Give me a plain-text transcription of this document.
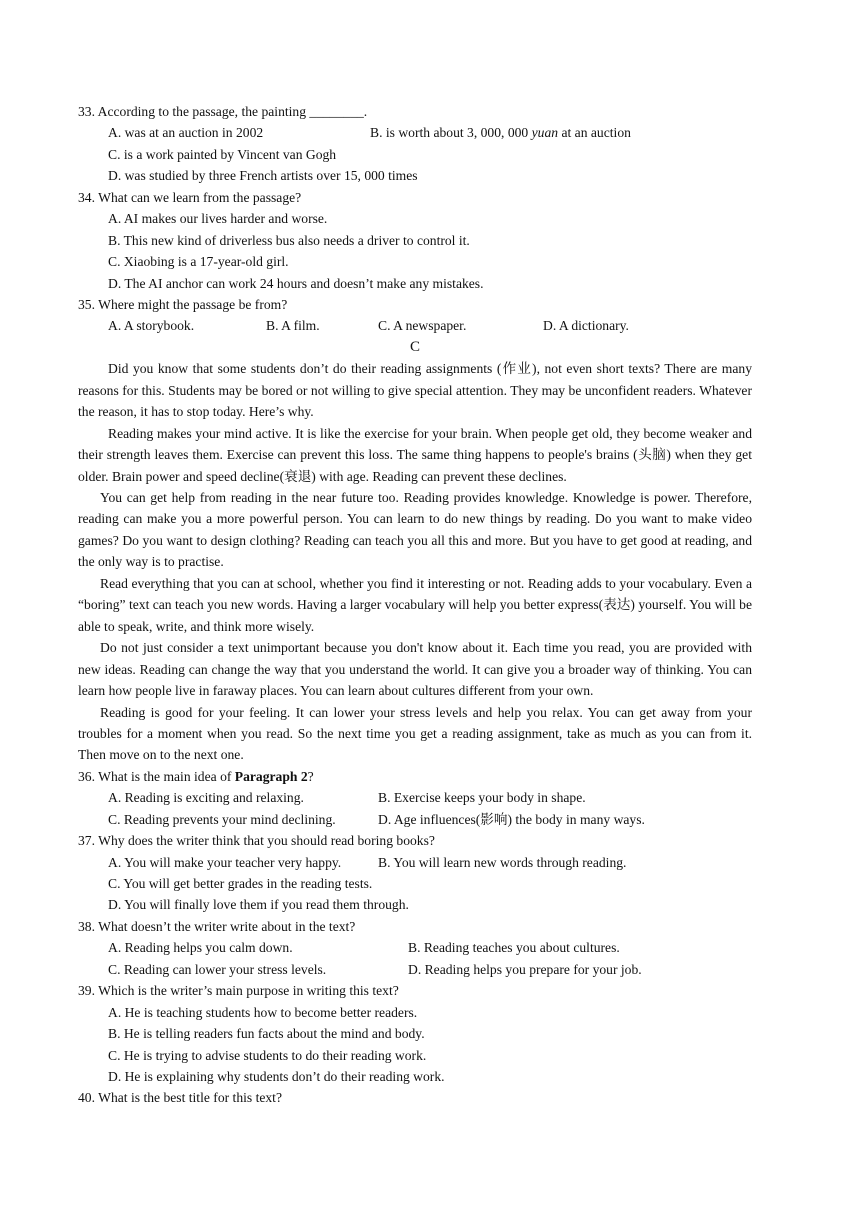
33. According to the passage, the painting ________.
A. was at an auction in 2002	B. is worth about 3, 000, 000 yuan at an auction
C. is a work painted by Vincent van Gogh
D. was studied by three French artists over 15, 000 times
34. What can we learn from the passage?
A. AI makes our lives harder and worse.
B. This new kind of driverless bus also needs a driver to control it.
C. Xiaobing is a 17-year-old girl.
D. The AI anchor can work 24 hours and doesn’t make any mistakes.
35. Where might the passage be from?
A. A storybook.	B. A film.	C. A newspaper.	D. A dictionary.
C

Did you know that some students don’t do their reading assignments (作业), not even short texts? There are many reasons for this. Students may be bored or not willing to give special attention. They may be unconfident readers. Whatever the reason, it has to stop today. Here’s why.

Reading makes your mind active. It is like the exercise for your brain. When people get old, they become weaker and their strength leaves them. Exercise can prevent this loss. The same thing happens to people's brains (头脑) when they get older. Brain power and speed decline(衰退) with age. Reading can prevent these declines.

You can get help from reading in the near future too. Reading provides knowledge. Knowledge is power. Therefore, reading can make you a more powerful person. You can learn to do new things by reading. Do you want to make video games? Do you want to design clothing? Reading can teach you all this and more. But you have to get good at reading, and the only way is to practise.

Read everything that you can at school, whether you find it interesting or not. Reading adds to your vocabulary. Even a “boring” text can teach you new words. Having a larger vocabulary will help you better express(表达) yourself. You will be able to speak, write, and think more wisely.

Do not just consider a text unimportant because you don't know about it. Each time you read, you are provided with new ideas. Reading can change the way that you understand the world. It can give you a broader way of thinking. You can learn how people live in faraway places. You can learn about cultures different from your own.

Reading is good for your feeling. It can lower your stress levels and help you relax. You can get away from your troubles for a moment when you read. So the next time you get a reading assignment, take as much as you can from it. Then move on to the next one.

36. What is the main idea of Paragraph 2?
A. Reading is exciting and relaxing.	B. Exercise keeps your body in shape.
C. Reading prevents your mind declining.	D. Age influences(影响) the body in many ways.
37. Why does the writer think that you should read boring books?
A. You will make your teacher very happy.	B. You will learn new words through reading.
C. You will get better grades in the reading tests.
D. You will finally love them if you read them through.
38. What doesn’t the writer write about in the text?
A. Reading helps you calm down.	B. Reading teaches you about cultures.
C. Reading can lower your stress levels.	D. Reading helps you prepare for your job.
39. Which is the writer’s main purpose in writing this text?
A. He is teaching students how to become better readers.
B. He is telling readers fun facts about the mind and body.
C. He is trying to advise students to do their reading work.
D. He is explaining why students don’t do their reading work.
40. What is the best title for this text?
